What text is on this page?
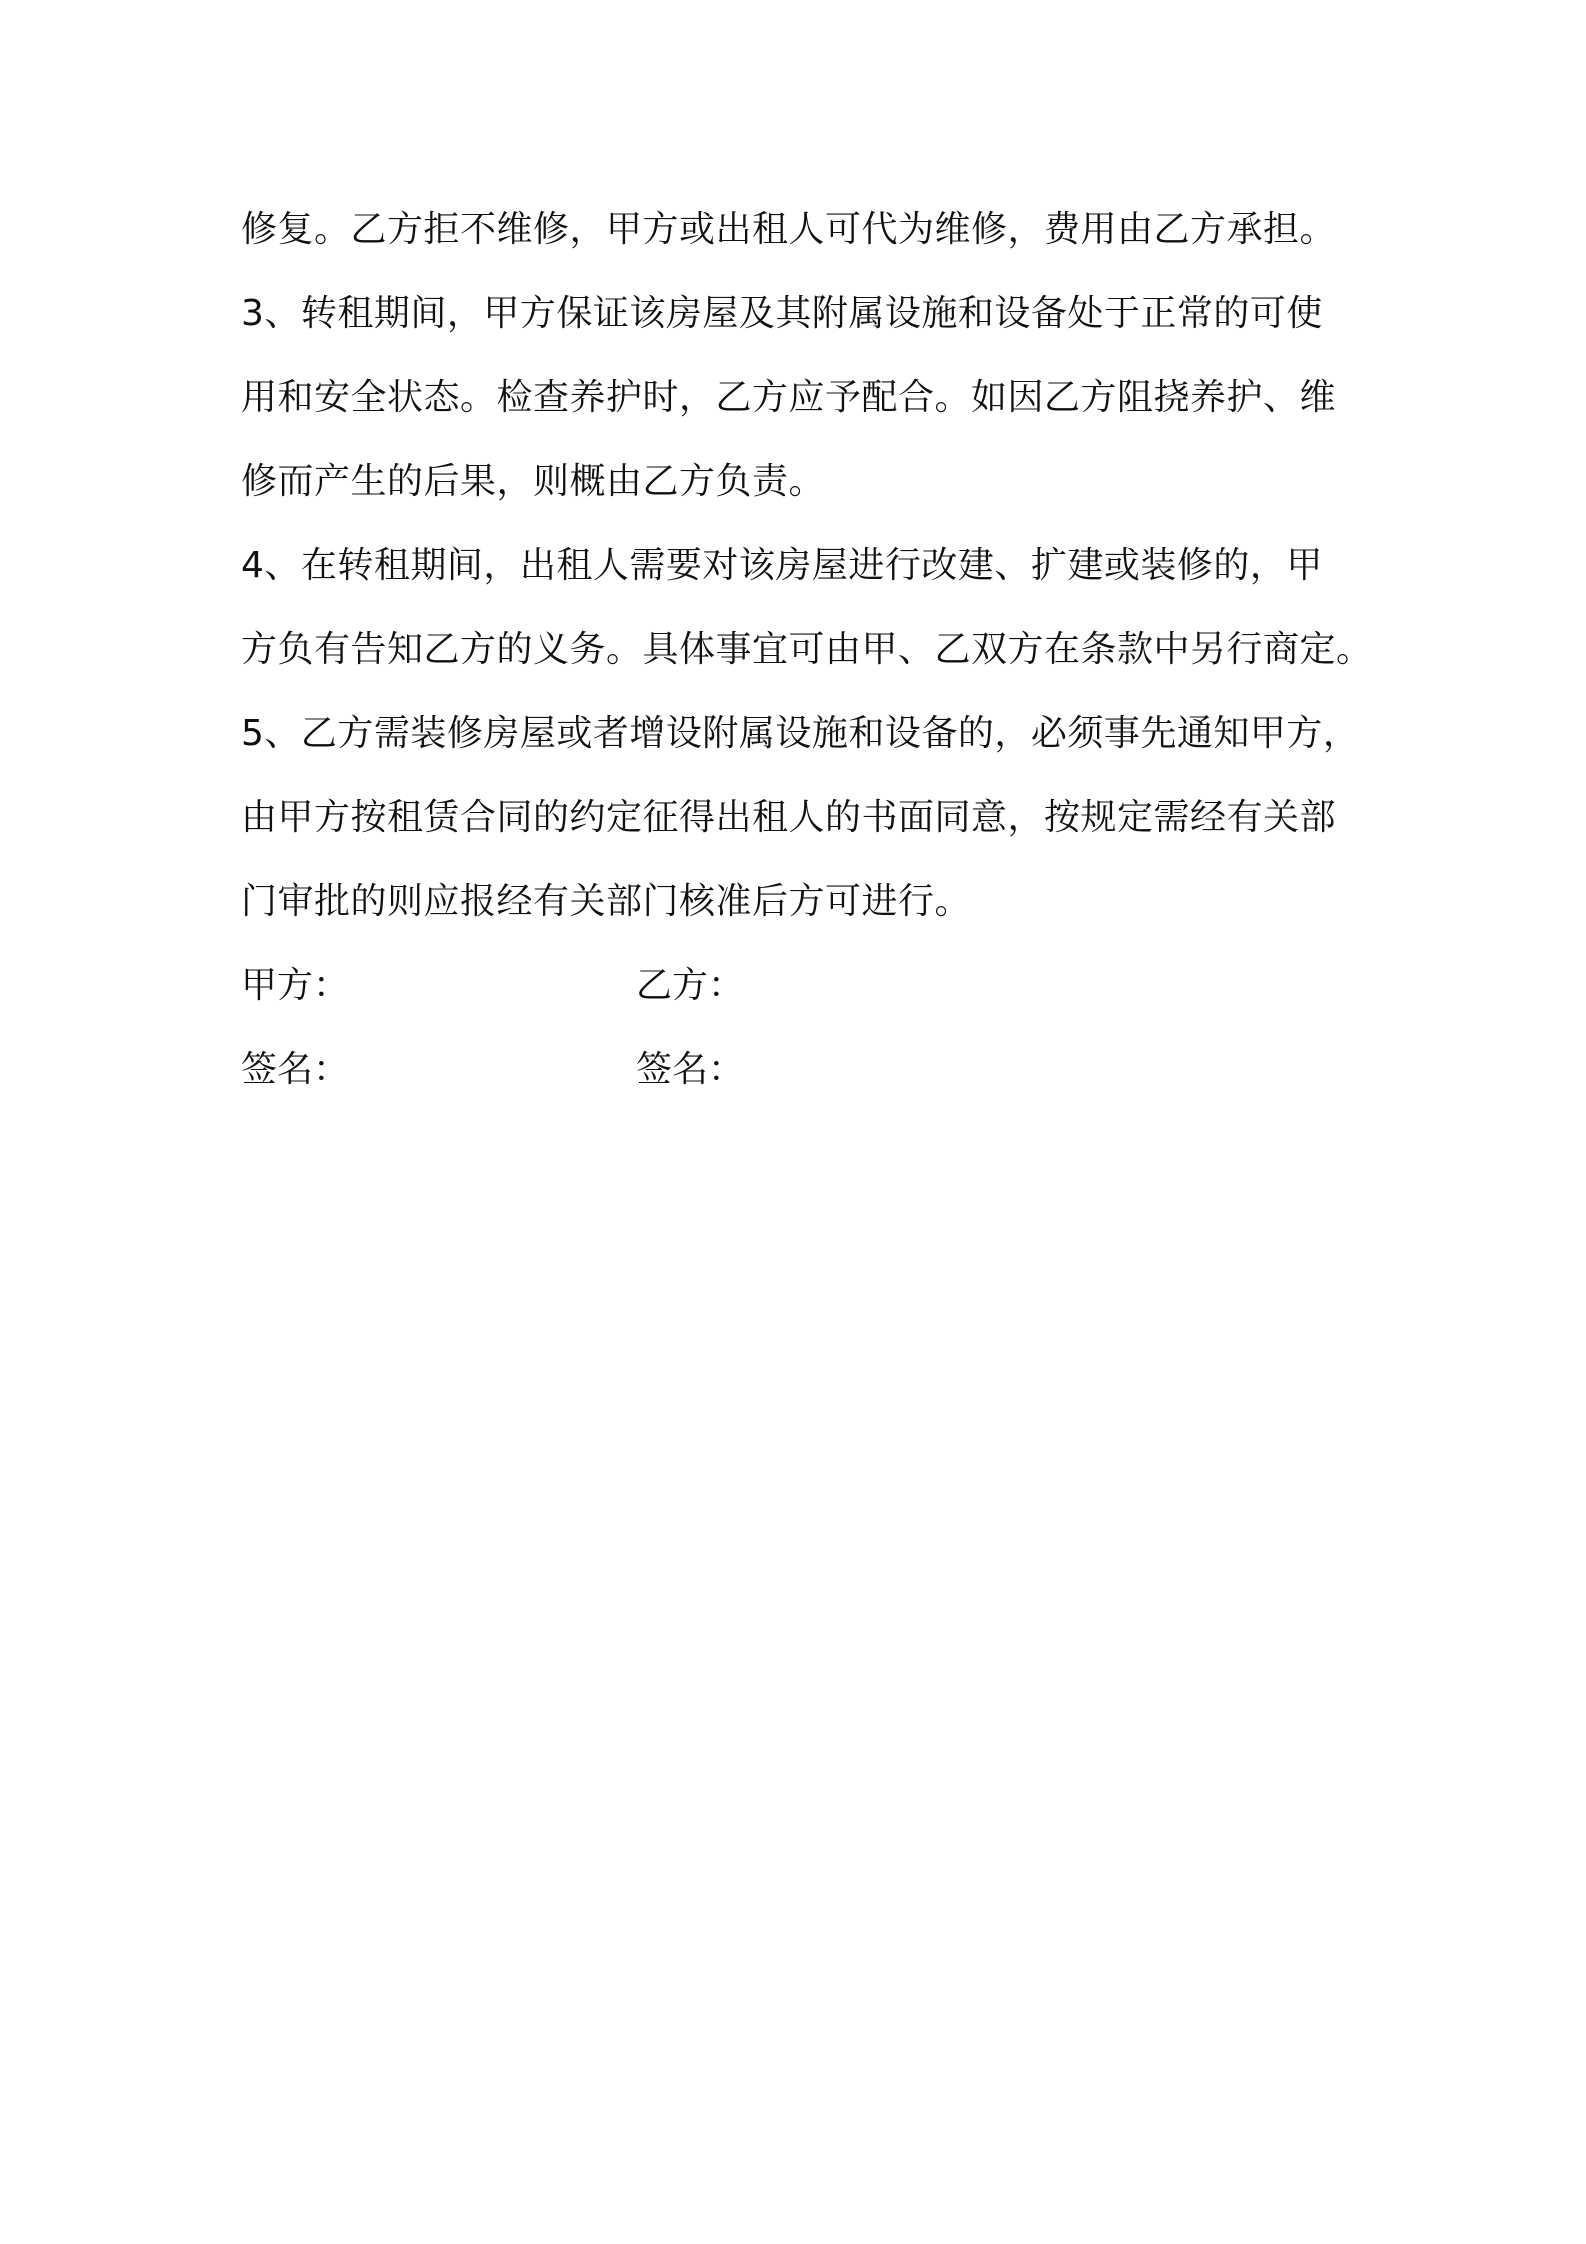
修复。乙方拒不维修，甲方或出租人可代为维修，费用由乙方承担。
3、转租期间，甲方保证该房屋及其附属设施和设备处于正常的可使
用和安全状态。检查养护时，乙方应予配合。如因乙方阻挠养护、维
修而产生的后果，则概由乙方负责。
4、在转租期间，出租人需要对该房屋进行改建、扩建或装修的，甲
方负有告知乙方的义务。具体事宜可由甲、乙双方在条款中另行商定。
5、乙方需装修房屋或者增设附属设施和设备的，必须事先通知甲方，
由甲方按租赁合同的约定征得出租人的书面同意，按规定需经有关部
门审批的则应报经有关部门核准后方可进行。
甲方：	乙方：
签名：	签名：
